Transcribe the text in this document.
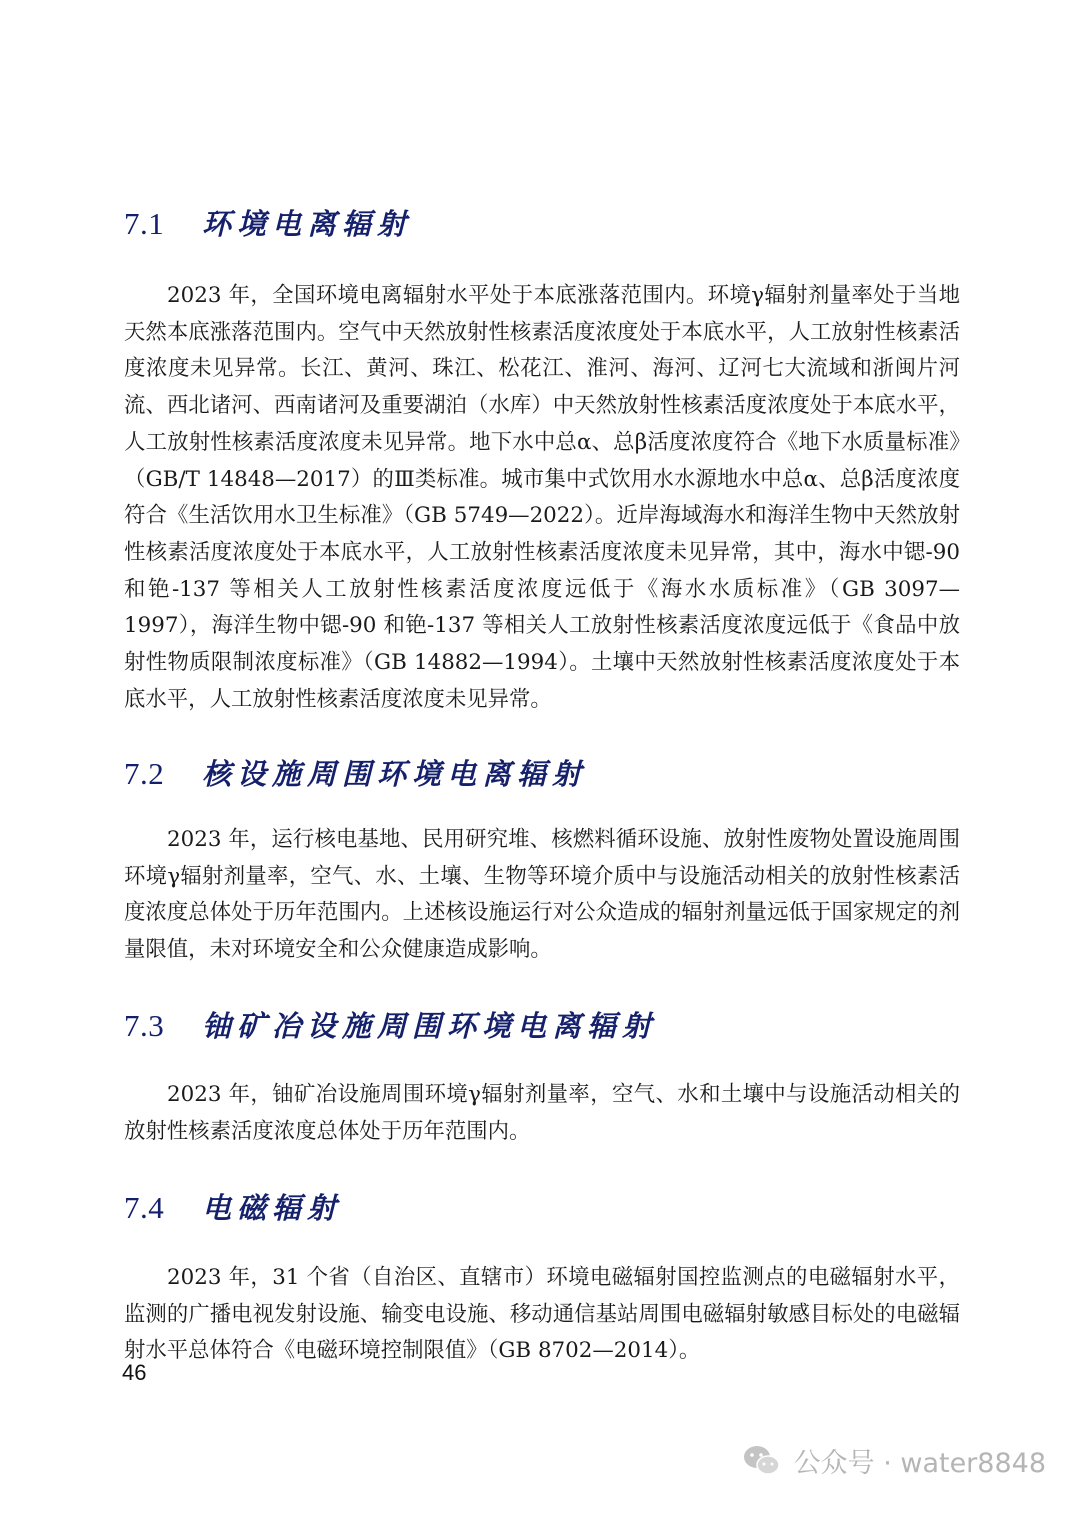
7.1	环境电离辐射

2023 年，全国环境电离辐射水平处于本底涨落范围内。环境γ辐射剂量率处于当地天然本底涨落范围内。空气中天然放射性核素活度浓度处于本底水平，人工放射性核素活度浓度未见异常。长江、黄河、珠江、松花江、淮河、海河、辽河七大流域和浙闽片河流、西北诸河、西南诸河及重要湖泊（水库）中天然放射性核素活度浓度处于本底水平，人工放射性核素活度浓度未见异常。地下水中总α、总β活度浓度符合《地下水质量标准》（GB/T 14848—2017）的Ⅲ类标准。城市集中式饮用水水源地水中总α、总β活度浓度符合《生活饮用水卫生标准》（GB 5749—2022）。近岸海域海水和海洋生物中天然放射性核素活度浓度处于本底水平，人工放射性核素活度浓度未见异常，其中，海水中锶-90 和铯-137 等相关人工放射性核素活度浓度远低于《海水水质标准》（GB 3097—1997），海洋生物中锶-90 和铯-137 等相关人工放射性核素活度浓度远低于《食品中放射性物质限制浓度标准》（GB 14882—1994）。土壤中天然放射性核素活度浓度处于本底水平，人工放射性核素活度浓度未见异常。

7.2	核设施周围环境电离辐射

2023 年，运行核电基地、民用研究堆、核燃料循环设施、放射性废物处置设施周围环境γ辐射剂量率，空气、水、土壤、生物等环境介质中与设施活动相关的放射性核素活度浓度总体处于历年范围内。上述核设施运行对公众造成的辐射剂量远低于国家规定的剂量限值，未对环境安全和公众健康造成影响。

7.3	铀矿冶设施周围环境电离辐射

2023 年，铀矿冶设施周围环境γ辐射剂量率，空气、水和土壤中与设施活动相关的放射性核素活度浓度总体处于历年范围内。

7.4	电磁辐射

2023 年，31 个省（自治区、直辖市）环境电磁辐射国控监测点的电磁辐射水平，监测的广播电视发射设施、输变电设施、移动通信基站周围电磁辐射敏感目标处的电磁辐射水平总体符合《电磁环境控制限值》（GB 8702—2014）。

46
公众号 · water8848
